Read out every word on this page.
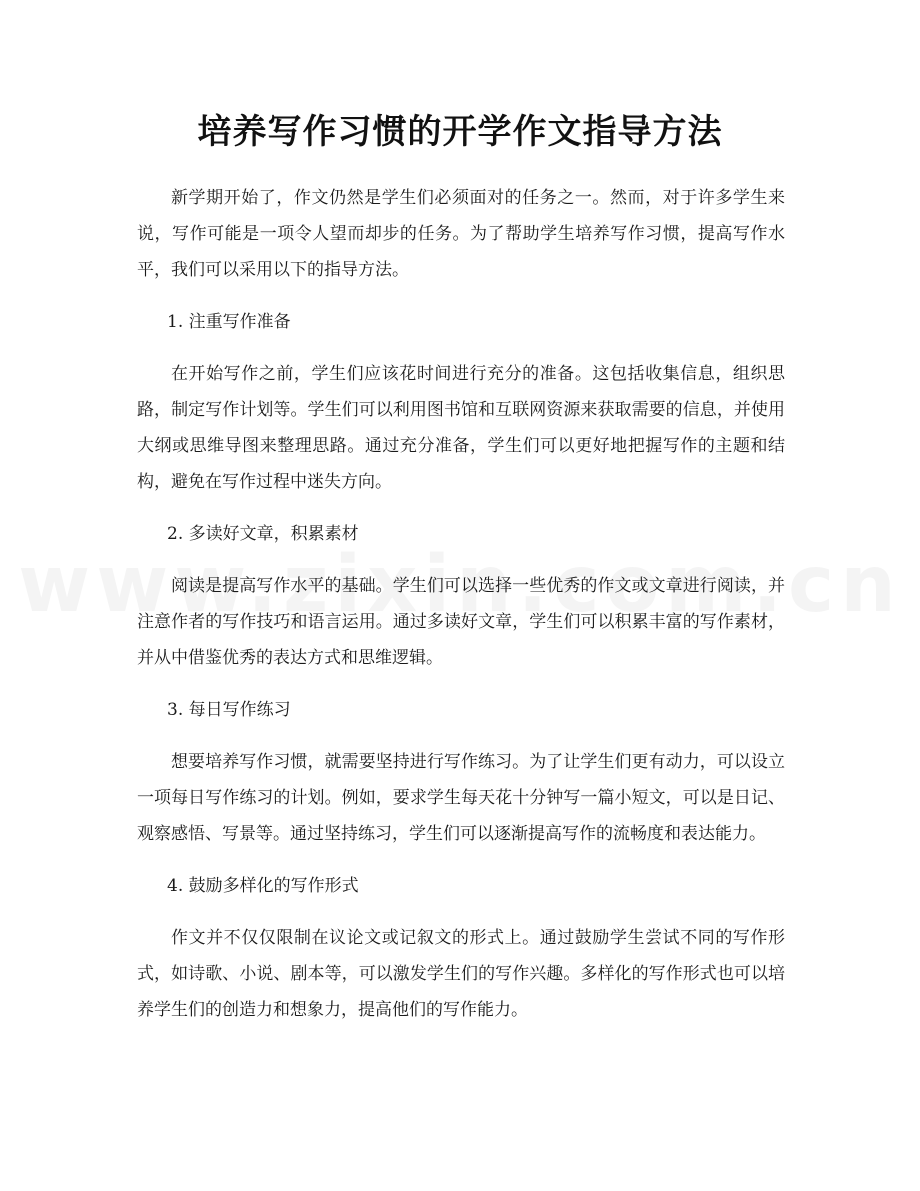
培养写作习惯的开学作文指导方法

新学期开始了，作文仍然是学生们必须面对的任务之一。然而，对于许多学生来说，写作可能是一项令人望而却步的任务。为了帮助学生培养写作习惯，提高写作水平，我们可以采用以下的指导方法。

1. 注重写作准备

在开始写作之前，学生们应该花时间进行充分的准备。这包括收集信息，组织思路，制定写作计划等。学生们可以利用图书馆和互联网资源来获取需要的信息，并使用大纲或思维导图来整理思路。通过充分准备，学生们可以更好地把握写作的主题和结构，避免在写作过程中迷失方向。

2. 多读好文章，积累素材

阅读是提高写作水平的基础。学生们可以选择一些优秀的作文或文章进行阅读，并注意作者的写作技巧和语言运用。通过多读好文章，学生们可以积累丰富的写作素材，并从中借鉴优秀的表达方式和思维逻辑。

3. 每日写作练习

想要培养写作习惯，就需要坚持进行写作练习。为了让学生们更有动力，可以设立一项每日写作练习的计划。例如，要求学生每天花十分钟写一篇小短文，可以是日记、观察感悟、写景等。通过坚持练习，学生们可以逐渐提高写作的流畅度和表达能力。

4. 鼓励多样化的写作形式

作文并不仅仅限制在议论文或记叙文的形式上。通过鼓励学生尝试不同的写作形式，如诗歌、小说、剧本等，可以激发学生们的写作兴趣。多样化的写作形式也可以培养学生们的创造力和想象力，提高他们的写作能力。
